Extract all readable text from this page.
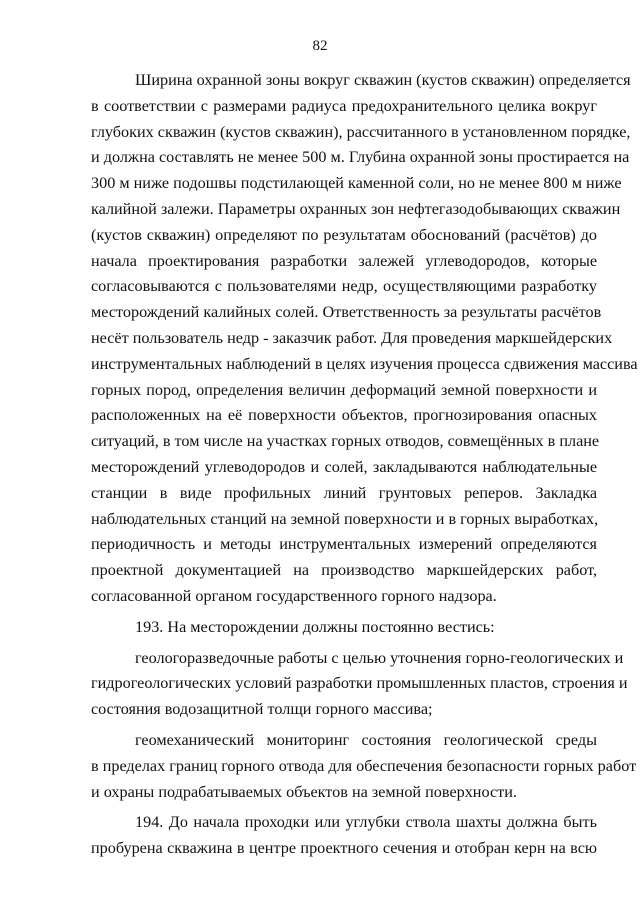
82

Ширина охранной зоны вокруг скважин (кустов скважин) определяется
в соответствии с размерами радиуса предохранительного целика вокруг
глубоких скважин (кустов скважин), рассчитанного в установленном порядке,
и должна составлять не менее 500 м. Глубина охранной зоны простирается на
300 м ниже подошвы подстилающей каменной соли, но не менее 800 м ниже
калийной залежи. Параметры охранных зон нефтегазодобывающих скважин
(кустов скважин) определяют по результатам обоснований (расчётов) до
начала проектирования разработки залежей углеводородов, которые
согласовываются с пользователями недр, осуществляющими разработку
месторождений калийных солей. Ответственность за результаты расчётов
несёт пользователь недр - заказчик работ. Для проведения маркшейдерских
инструментальных наблюдений в целях изучения процесса сдвижения массива
горных пород, определения величин деформаций земной поверхности и
расположенных на её поверхности объектов, прогнозирования опасных
ситуаций, в том числе на участках горных отводов, совмещённых в плане
месторождений углеводородов и солей, закладываются наблюдательные
станции в виде профильных линий грунтовых реперов. Закладка
наблюдательных станций на земной поверхности и в горных выработках,
периодичность и методы инструментальных измерений определяются
проектной документацией на производство маркшейдерских работ,
согласованной органом государственного горного надзора.

193. На месторождении должны постоянно вестись:

геологоразведочные работы с целью уточнения горно-геологических и
гидрогеологических условий разработки промышленных пластов, строения и
состояния водозащитной толщи горного массива;

геомеханический мониторинг состояния геологической среды
в пределах границ горного отвода для обеспечения безопасности горных работ
и охраны подрабатываемых объектов на земной поверхности.

194. До начала проходки или углубки ствола шахты должна быть
пробурена скважина в центре проектного сечения и отобран керн на всю
